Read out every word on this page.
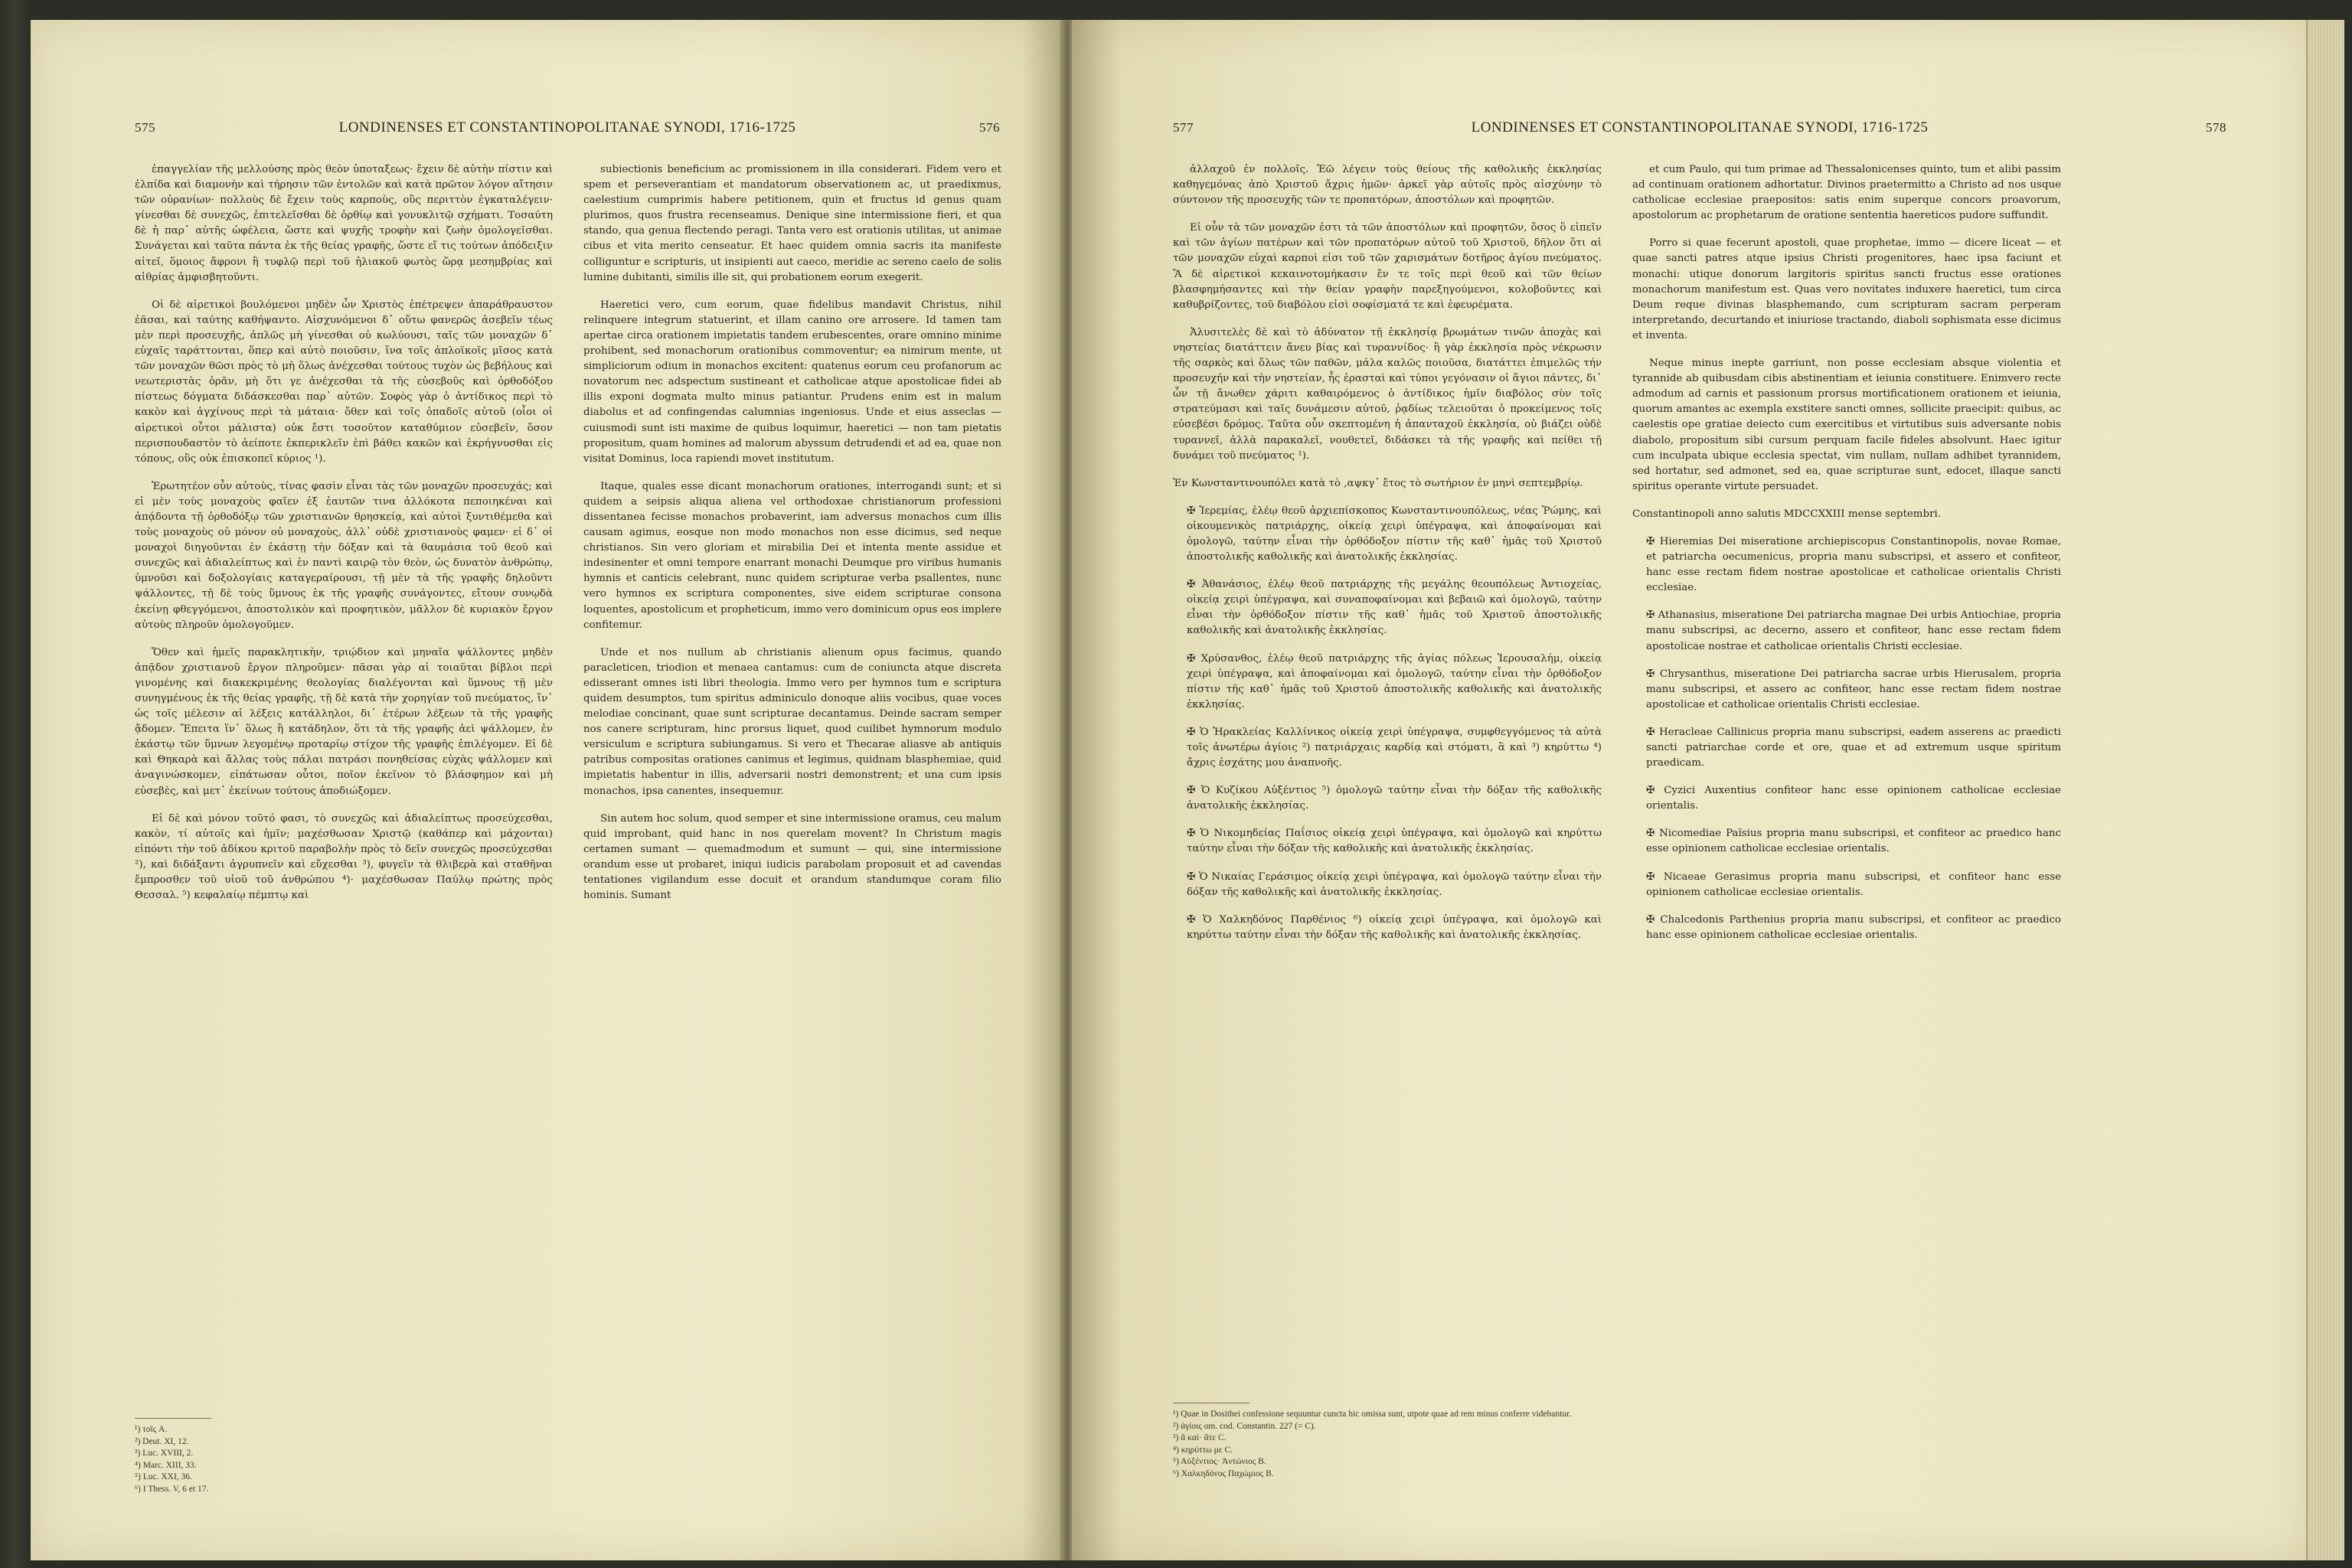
575	LONDINENSES ET CONSTANTINOPOLITANAE SYNODI, 1716-1725	576

ἐπαγγελίαν τῆς μελλούσης πρὸς θεὸν ὑποταξεως· ἔχειν δὲ αὐτὴν πίστιν καὶ ἐλπίδα καὶ διαμονὴν καὶ τήρησιν τῶν ἐντολῶν καὶ κατὰ πρῶτον λόγον αἴτησιν τῶν οὐρανίων· πολλοὺς δὲ ἔχειν τοὺς καρποὺς, οὓς περιττὸν ἐγκαταλέγειν· γίνεσθαι δὲ συνεχῶς, ἐπιτελεῖσθαι δὲ ὀρθίῳ καὶ γονυκλιτῷ σχήματι. Τοσαύτη δὲ ἡ παρ᾽ αὐτῆς ὠφέλεια, ὥστε καὶ ψυχῆς τροφὴν καὶ ζωὴν ὁμολογεῖσθαι. Συνάγεται καὶ ταῦτα πάντα ἐκ τῆς θείας γραφῆς, ὥστε εἴ τις τούτων ἀπόδειξιν αἰτεῖ, ὅμοιος ἄφρονι ἢ τυφλῷ περὶ τοῦ ἡλιακοῦ φωτὸς ὥρᾳ μεσημβρίας καὶ αἰθρίας ἀμφισβητοῦντι.

Οἱ δὲ αἱρετικοὶ βουλόμενοι μηδὲν ὧν Χριστὸς ἐπέτρεψεν ἀπαράθραυστον ἐᾶσαι, καὶ ταύτης καθήψαντο. Αἰσχυνόμενοι δ᾽ οὕτω φανερῶς ἀσεβεῖν τέως μὲν περὶ προσευχῆς, ἁπλῶς μὴ γίνεσθαι οὐ κωλύουσι, ταῖς τῶν μοναχῶν δ᾽ εὐχαῖς ταράττονται, ὅπερ καὶ αὐτὸ ποιοῦσιν, ἵνα τοῖς ἁπλοϊκοῖς μῖσος κατὰ τῶν μοναχῶν θῶσι πρὸς τὸ μὴ ὅλως ἀνέχεσθαι τούτους τυχὸν ὡς βεβήλους καὶ νεωτεριστὰς ὁρᾶν, μὴ ὅτι γε ἀνέχεσθαι τὰ τῆς εὐσεβοῦς καὶ ὀρθοδόξου πίστεως δόγματα διδάσκεσθαι παρ᾽ αὐτῶν. Σοφὸς γὰρ ὁ ἀντίδικος περὶ τὸ κακὸν καὶ ἀγχίνους περὶ τὰ μάταια· ὅθεν καὶ τοῖς ὁπαδοῖς αὐτοῦ (οἷοι οἱ αἱρετικοὶ οὗτοι μάλιστα) οὐκ ἔστι τοσοῦτον καταθύμιον εὐσεβεῖν, ὅσον περισπουδαστὸν τὸ ἀείποτε ἐκπερικλεῖν ἐπὶ βάθει κακῶν καὶ ἐκρήγνυσθαι εἰς τόπους, οὓς οὐκ ἐπισκοπεῖ κύριος ¹).

Ἐρωτητέον οὖν αὐτοὺς, τίνας φασὶν εἶναι τὰς τῶν μοναχῶν προσευχάς; καὶ εἰ μὲν τοὺς μοναχοὺς φαῖεν ἐξ ἑαυτῶν τινα ἀλλόκοτα πεποιηκέναι καὶ ἀπᾴδοντα τῇ ὀρθοδόξῳ τῶν χριστιανῶν θρησκείᾳ, καὶ αὐτοὶ ξυντιθέμεθα καὶ τοὺς μοναχοὺς οὐ μόνον οὐ μοναχοὺς, ἀλλ᾽ οὐδὲ χριστιανοὺς φαμεν· εἰ δ᾽ οἱ μοναχοὶ διηγοῦνται ἐν ἑκάστῃ τὴν δόξαν καὶ τὰ θαυμάσια τοῦ θεοῦ καὶ συνεχῶς καὶ ἀδιαλείπτως καὶ ἐν παντὶ καιρῷ τὸν θεὸν, ὡς δυνατὸν ἀνθρώπῳ, ὑμνοῦσι καὶ δοξολογίαις καταγεραίρουσι, τῇ μὲν τὰ τῆς γραφῆς δηλοῦντι ψάλλοντες, τῇ δὲ τοὺς ὕμνους ἐκ τῆς γραφῆς συνάγοντες, εἴτουν συνῳδὰ ἐκείνῃ φθεγγόμενοι, ἀποστολικὸν καὶ προφητικὸν, μᾶλλον δὲ κυριακὸν ἔργον αὐτοὺς πληροῦν ὁμολογοῦμεν.

Ὅθεν καὶ ἡμεῖς παρακλητικὴν, τριῴδιον καὶ μηναῖα ψάλλοντες μηδὲν ἀπᾷδον χριστιανοῦ ἔργον πληροῦμεν· πᾶσαι γὰρ αἱ τοιαῦται βίβλοι περὶ γινομένης καὶ διακεκριμένης θεολογίας διαλέγονται καὶ ὕμνους τῇ μὲν συνηγμένους ἐκ τῆς θείας γραφῆς, τῇ δὲ κατὰ τὴν χορηγίαν τοῦ πνεύματος, ἵν᾽ ὡς τοῖς μέλεσιν αἱ λέξεις κατάλληλοι, δι᾽ ἑτέρων λέξεων τὰ τῆς γραφῆς ᾄδομεν. Ἔπειτα ἵν᾽ ὅλως ἢ κατάδηλον, ὅτι τὰ τῆς γραφῆς ἀεὶ ψάλλομεν, ἐν ἑκάστῳ τῶν ὕμνων λεγομένῳ προταρίῳ στίχον τῆς γραφῆς ἐπιλέγομεν. Εἰ δὲ καὶ Θηκαρὰ καὶ ἄλλας τοὺς πάλαι πατράσι πονηθείσας εὐχὰς ψάλλομεν καὶ ἀναγινώσκομεν, εἰπάτωσαν οὗτοι, ποῖον ἐκεῖνον τὸ βλάσφημον καὶ μὴ εὐσεβὲς, καὶ μετ᾽ ἐκείνων τούτους ἀποδιώξομεν.

Εἰ δὲ καὶ μόνον τοῦτό φασι, τὸ συνεχῶς καὶ ἀδιαλείπτως προσεύχεσθαι, κακὸν, τί αὐτοῖς καὶ ἡμῖν; μαχέσθωσαν Χριστῷ (καθάπερ καὶ μάχονται) εἰπόντι τὴν τοῦ ἀδίκου κριτοῦ παραβολὴν πρὸς τὸ δεῖν συνεχῶς προσεύχεσθαι ²), καὶ διδάξαντι ἀγρυπνεῖν καὶ εὔχεσθαι ³), φυγεῖν τὰ θλιβερὰ καὶ σταθῆναι ἔμπροσθεν τοῦ υἱοῦ τοῦ ἀνθρώπου ⁴)· μαχέσθωσαν Παύλῳ πρώτης πρὸς Θεσσαλ. ⁵) κεφαλαίῳ πέμπτῳ καὶ

subiectionis beneficium ac promissionem in illa considerari. Fidem vero et spem et perseverantiam et mandatorum observationem ac, ut praedixmus, caelestium cumprimis habere petitionem, quin et fructus id genus quam plurimos, quos frustra recenseamus. Denique sine intermissione fieri, et qua stando, qua genua flectendo peragi. Tanta vero est orationis utilitas, ut animae cibus et vita merito censeatur. Et haec quidem omnia sacris ita manifeste colliguntur e scripturis, ut insipienti aut caeco, meridie ac sereno caelo de solis lumine dubitanti, similis ille sit, qui probationem eorum exegerit.

Haeretici vero, cum eorum, quae fidelibus mandavit Christus, nihil relinquere integrum statuerint, et illam canino ore arrosere. Id tamen tam apertae circa orationem impietatis tandem erubescentes, orare omnino minime prohibent, sed monachorum orationibus commoventur; ea nimirum mente, ut simpliciorum odium in monachos excitent: quatenus eorum ceu profanorum ac novatorum nec adspectum sustineant et catholicae atque apostolicae fidei ab illis exponi dogmata multo minus patiantur. Prudens enim est in malum diabolus et ad confingendas calumnias ingeniosus. Unde et eius asseclas — cuiusmodi sunt isti maxime de quibus loquimur, haeretici — non tam pietatis propositum, quam homines ad malorum abyssum detrudendi et ad ea, quae non visitat Dominus, loca rapiendi movet institutum.

Itaque, quales esse dicant monachorum orationes, interrogandi sunt; et si quidem a seipsis aliqua aliena vel orthodoxae christianorum professioni dissentanea fecisse monachos probaverint, iam adversus monachos cum illis causam agimus, eosque non modo monachos non esse dicimus, sed neque christianos. Sin vero gloriam et mirabilia Dei et intenta mente assidue et indesinenter et omni tempore enarrant monachi Deumque pro viribus humanis hymnis et canticis celebrant, nunc quidem scripturae verba psallentes, nunc vero hymnos ex scriptura componentes, sive eidem scripturae consona loquentes, apostolicum et propheticum, immo vero dominicum opus eos implere confitemur.

Unde et nos nullum ab christianis alienum opus facimus, quando paracleticen, triodion et menaea cantamus: cum de coniuncta atque discreta edisserant omnes isti libri theologia. Immo vero per hymnos tum e scriptura quidem desumptos, tum spiritus adminiculo donoque aliis vocibus, quae voces melodiae concinant, quae sunt scripturae decantamus. Deinde sacram semper nos canere scripturam, hinc prorsus liquet, quod cuilibet hymnorum modulo versiculum e scriptura subiungamus. Si vero et Thecarae aliasve ab antiquis patribus compositas orationes canimus et legimus, quidnam blasphemiae, quid impietatis habentur in illis, adversarii nostri demonstrent; et una cum ipsis monachos, ipsa canentes, insequemur.

Sin autem hoc solum, quod semper et sine intermissione oramus, ceu malum quid improbant, quid hanc in nos querelam movent? In Christum magis certamen sumant — quemadmodum et sumunt — qui, sine intermissione orandum esse ut probaret, iniqui iudicis parabolam proposuit et ad cavendas tentationes vigilandum esse docuit et orandum standumque coram filio hominis. Sumant

¹) τοῖς A.
²) Deut. XI, 12.
³) Luc. XVIII, 2.
⁴) Marc. XIII, 33.
⁵) Luc. XXI, 36.
⁶) I Thess. V, 6 et 17.
577	LONDINENSES ET CONSTANTINOPOLITANAE SYNODI, 1716-1725	578

ἀλλαχοῦ ἐν πολλοῖς. Ἐῶ λέγειν τοὺς θείους τῆς καθολικῆς ἐκκλησίας καθηγεμόνας ἀπὸ Χριστοῦ ἄχρις ἡμῶν· ἀρκεῖ γὰρ αὐτοῖς πρὸς αἰσχύνην τὸ σύντονον τῆς προσευχῆς τῶν τε προπατόρων, ἀποστόλων καὶ προφητῶν.

Εἰ οὖν τὰ τῶν μοναχῶν ἐστι τὰ τῶν ἀποστόλων καὶ προφητῶν, ὅσος ὃ εἰπεῖν καὶ τῶν ἁγίων πατέρων καὶ τῶν προπατόρων αὐτοῦ τοῦ Χριστοῦ, δῆλον ὅτι αἱ τῶν μοναχῶν εὐχαὶ καρποὶ εἰσι τοῦ τῶν χαρισμάτων δοτῆρος ἁγίου πνεύματος. Ἃ δὲ αἱρετικοὶ κεκαινοτομήκασιν ἔν τε τοῖς περὶ θεοῦ καὶ τῶν θείων βλασφημήσαντες καὶ τὴν θείαν γραφὴν παρεξηγούμενοι, κολοβοῦντες καὶ καθυβρίζοντες, τοῦ διαβόλου εἰσὶ σοφίσματά τε καὶ ἐφευρέματα.

Ἀλυσιτελὲς δὲ καὶ τὸ ἀδύνατον τῇ ἐκκλησίᾳ βρωμάτων τινῶν ἀποχὰς καὶ νηστείας διατάττειν ἄνευ βίας καὶ τυραννίδος· ἢ γὰρ ἐκκλησία πρὸς νέκρωσιν τῆς σαρκὸς καὶ ὅλως τῶν παθῶν, μάλα καλῶς ποιοῦσα, διατάττει ἐπιμελῶς τήν προσευχήν καὶ τὴν νηστείαν, ἧς ἐρασταὶ καὶ τύποι γεγόνασιν οἱ ἅγιοι πάντες, δι᾽ ὧν τῇ ἄνωθεν χάριτι καθαιρόμενος ὁ ἀντίδικος ἡμῖν διαβόλος σὺν τοῖς στρατεύμασι καὶ ταῖς δυνάμεσιν αὐτοῦ, ῥᾳδίως τελειοῦται ὁ προκείμενος τοῖς εὐσεβέσι δρόμος. Ταῦτα οὖν σκεπτομένη ἡ ἁπανταχοῦ ἐκκλησία, οὐ βιάζει οὐδὲ τυραννεῖ, ἀλλὰ παρακαλεῖ, νουθετεῖ, διδάσκει τὰ τῆς γραφῆς καὶ πείθει τῇ δυνάμει τοῦ πνεύματος ¹).

Ἐν Κωνσταντινουπόλει κατὰ τὸ ,αψκγ᾽ ἔτος τὸ σωτήριον ἐν μηνὶ σεπτεμβρίῳ.

✠ Ἱερεμίας, ἐλέῳ θεοῦ ἀρχιεπίσκοπος Κωνσταντινουπόλεως, νέας Ῥώμης, καὶ οἰκουμενικὸς πατριάρχης, οἰκείᾳ χειρὶ ὑπέγραψα, καὶ ἀποφαίνομαι καὶ ὁμολογῶ, ταύτην εἶναι τὴν ὀρθόδοξον πίστιν τῆς καθ᾽ ἡμᾶς τοῦ Χριστοῦ ἀποστολικῆς καθολικῆς καὶ ἀνατολικῆς ἐκκλησίας.

✠ Ἀθανάσιος, ἐλέῳ θεοῦ πατριάρχης τῆς μεγάλης θεουπόλεως Ἀντιοχείας, οἰκείᾳ χειρὶ ὑπέγραψα, καὶ συναποφαίνομαι καὶ βεβαιῶ καὶ ὁμολογῶ, ταύτην εἶναι τὴν ὀρθόδοξον πίστιν τῆς καθ᾽ ἡμᾶς τοῦ Χριστοῦ ἀποστολικῆς καθολικῆς καὶ ἀνατολικῆς ἐκκλησίας.

✠ Χρύσανθος, ἐλέῳ θεοῦ πατριάρχης τῆς ἁγίας πόλεως Ἱερουσαλήμ, οἰκείᾳ χειρὶ ὑπέγραψα, καὶ ἀποφαίνομαι καὶ ὁμολογῶ, ταύτην εἶναι τὴν ὀρθόδοξον πίστιν τῆς καθ᾽ ἡμᾶς τοῦ Χριστοῦ ἀποστολικῆς καθολικῆς καὶ ἀνατολικῆς ἐκκλησίας.

✠ Ὁ Ἡρακλείας Καλλίνικος οἰκείᾳ χειρὶ ὑπέγραψα, συμφθεγγόμενος τὰ αὐτὰ τοῖς ἀνωτέρω ἁγίοις ²) πατριάρχαις καρδίᾳ καὶ στόματι, ἃ καὶ ³) κηρύττω ⁴) ἄχρις ἐσχάτης μου ἀναπνοῆς.

✠ Ὁ Κυζίκου Αὐξέντιος ⁵) ὁμολογῶ ταύτην εἶναι τὴν δόξαν τῆς καθολικῆς ἀνατολικῆς ἐκκλησίας.

✠ Ὁ Νικομηδείας Παΐσιος οἰκείᾳ χειρὶ ὑπέγραψα, καὶ ὁμολογῶ καὶ κηρύττω ταύτην εἶναι τὴν δόξαν τῆς καθολικῆς καὶ ἀνατολικῆς ἐκκλησίας.

✠ Ὁ Νικαίας Γεράσιμος οἰκείᾳ χειρὶ ὑπέγραψα, καὶ ὁμολογῶ ταύτην εἶναι τὴν δόξαν τῆς καθολικῆς καὶ ἀνατολικῆς ἐκκλησίας.

✠ Ὁ Χαλκηδόνος Παρθένιος ⁶) οἰκείᾳ χειρὶ ὑπέγραψα, καὶ ὁμολογῶ καὶ κηρύττω ταύτην εἶναι τὴν δόξαν τῆς καθολικῆς καὶ ἀνατολικῆς ἐκκλησίας.

et cum Paulo, qui tum primae ad Thessalonicenses quinto, tum et alibi passim ad continuam orationem adhortatur. Divinos praetermitto a Christo ad nos usque catholicae ecclesiae praepositos: satis enim superque concors proavorum, apostolorum ac prophetarum de oratione sententia haereticos pudore suffundit.

Porro si quae fecerunt apostoli, quae prophetae, immo — dicere liceat — et quae sancti patres atque ipsius Christi progenitores, haec ipsa faciunt et monachi: utique donorum largitoris spiritus sancti fructus esse orationes monachorum manifestum est. Quas vero novitates induxere haeretici, tum circa Deum reque divinas blasphemando, cum scripturam sacram perperam interpretando, decurtando et iniuriose tractando, diaboli sophismata esse dicimus et inventa.

Neque minus inepte garriunt, non posse ecclesiam absque violentia et tyrannide ab quibusdam cibis abstinentiam et ieiunia constituere. Enimvero recte admodum ad carnis et passionum prorsus mortificationem orationem et ieiunia, quorum amantes ac exempla exstitere sancti omnes, sollicite praecipit: quibus, ac caelestis ope gratiae deiecto cum exercitibus et virtutibus suis adversante nobis diabolo, propositum sibi cursum perquam facile fideles absolvunt. Haec igitur cum inculpata ubique ecclesia spectat, vim nullam, nullam adhibet tyrannidem, sed hortatur, sed admonet, sed ea, quae scripturae sunt, edocet, illaque sancti spiritus operante virtute persuadet.

Constantinopoli anno salutis MDCCXXIII mense septembri.

✠ Hieremias Dei miseratione archiepiscopus Constantinopolis, novae Romae, et patriarcha oecumenicus, propria manu subscripsi, et assero et confiteor, hanc esse rectam fidem nostrae apostolicae et catholicae orientalis Christi ecclesiae.

✠ Athanasius, miseratione Dei patriarcha magnae Dei urbis Antiochiae, propria manu subscripsi, ac decerno, assero et confiteor, hanc esse rectam fidem apostolicae nostrae et catholicae orientalis Christi ecclesiae.

✠ Chrysanthus, miseratione Dei patriarcha sacrae urbis Hierusalem, propria manu subscripsi, et assero ac confiteor, hanc esse rectam fidem nostrae apostolicae et catholicae orientalis Christi ecclesiae.

✠ Heracleae Callinicus propria manu subscripsi, eadem asserens ac praedicti sancti patriarchae corde et ore, quae et ad extremum usque spiritum praedicam.

✠ Cyzici Auxentius confiteor hanc esse opinionem catholicae ecclesiae orientalis.

✠ Nicomediae Païsius propria manu subscripsi, et confiteor ac praedico hanc esse opinionem catholicae ecclesiae orientalis.

✠ Nicaeae Gerasimus propria manu subscripsi, et confiteor hanc esse opinionem catholicae ecclesiae orientalis.

✠ Chalcedonis Parthenius propria manu subscripsi, et confiteor ac praedico hanc esse opinionem catholicae ecclesiae orientalis.

¹) Quae in Dosithei confessione sequuntur cuncta hic omissa sunt, utpote quae ad rem minus conferre videbantur.
²) ἁγίοις om. cod. Constantin. 227 (= C).
³) ἃ καὶ· ἅτε C.
⁴) κηρύττω με C.
⁵) Αὐξέντιος· Ἀντώνιος B.
⁶) Χαλκηδόνος Παχώμιος B.
